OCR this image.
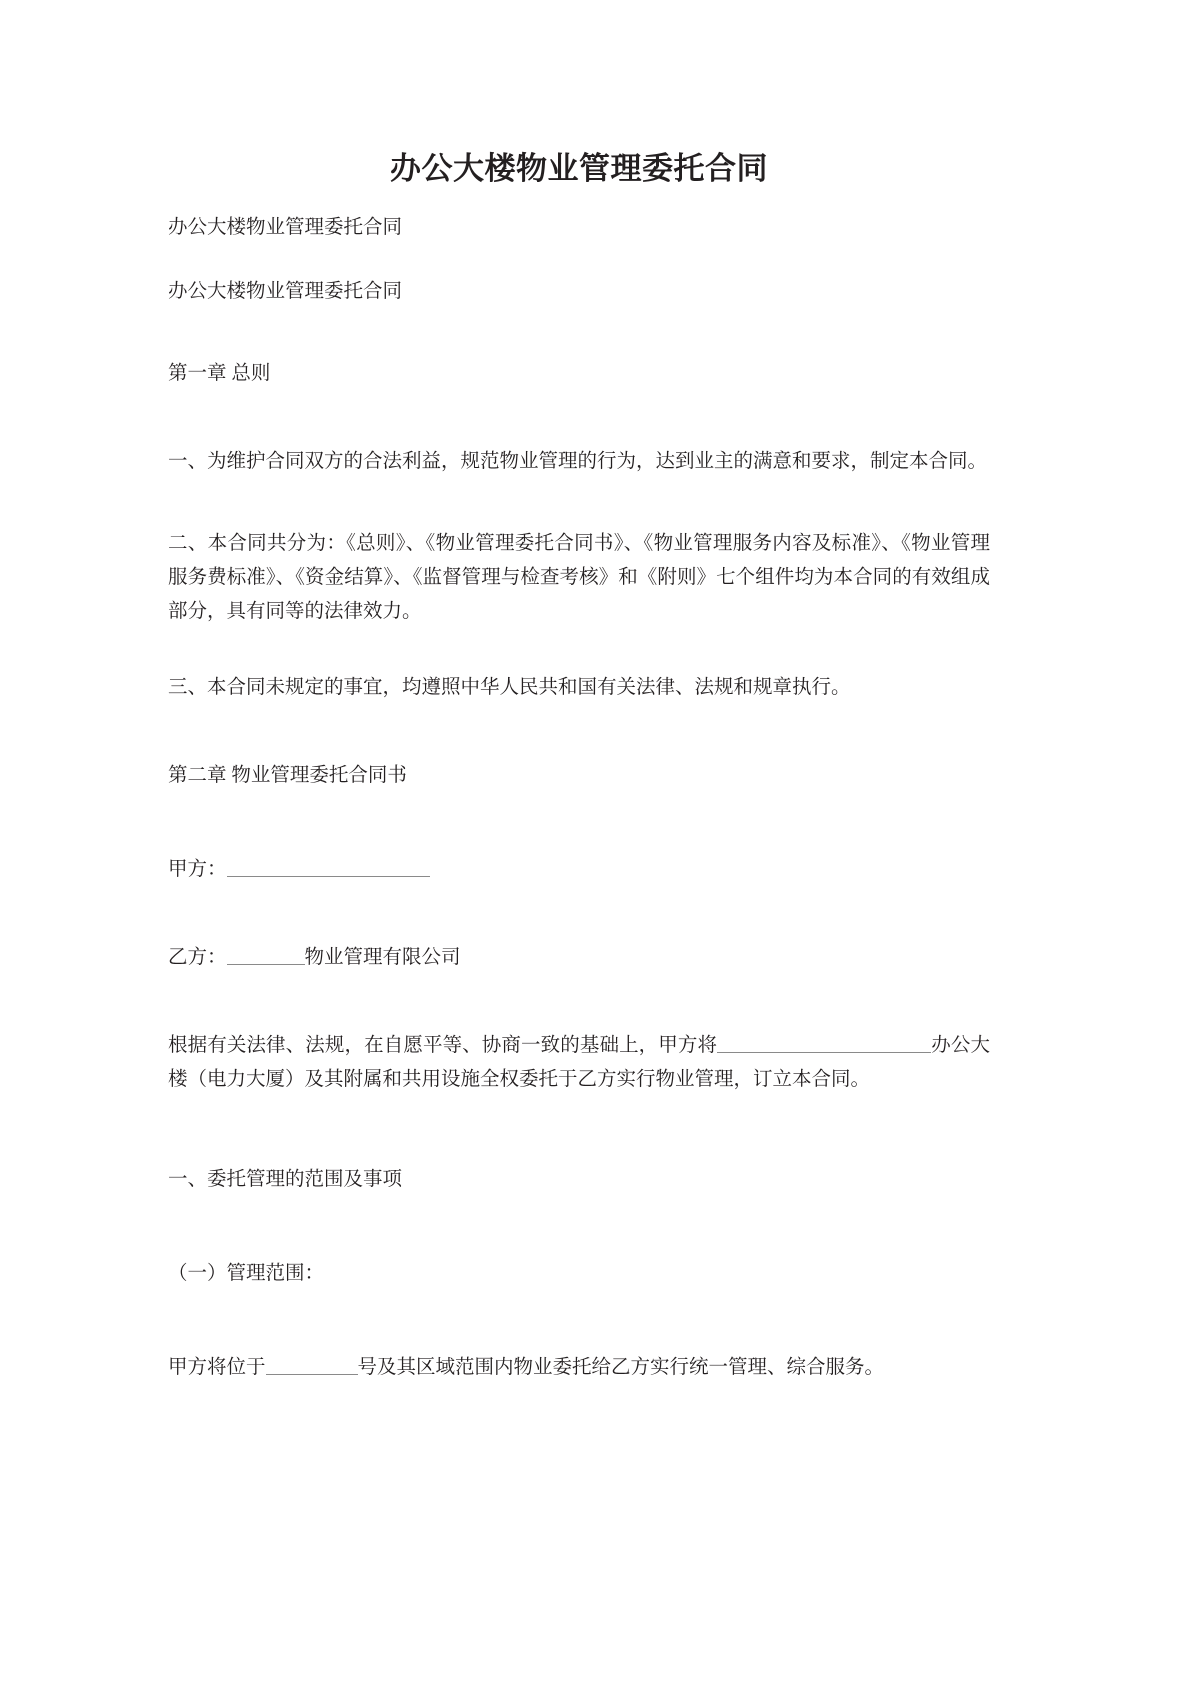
办公大楼物业管理委托合同

办公大楼物业管理委托合同

办公大楼物业管理委托合同

第一章 总则

一、为维护合同双方的合法利益，规范物业管理的行为，达到业主的满意和要求，制定本合同。

二、本合同共分为：《总则》、《物业管理委托合同书》、《物业管理服务内容及标准》、《物业管理服务费标准》、《资金结算》、《监督管理与检查考核》和《附则》七个组件均为本合同的有效组成部分，具有同等的法律效力。

三、本合同未规定的事宜，均遵照中华人民共和国有关法律、法规和规章执行。

第二章 物业管理委托合同书

甲方：

乙方：	物业管理有限公司

根据有关法律、法规，在自愿平等、协商一致的基础上，甲方将	办公大楼（电力大厦）及其附属和共用设施全权委托于乙方实行物业管理，订立本合同。

一、委托管理的范围及事项

（一）管理范围：

甲方将位于	号及其区域范围内物业委托给乙方实行统一管理、综合服务。
